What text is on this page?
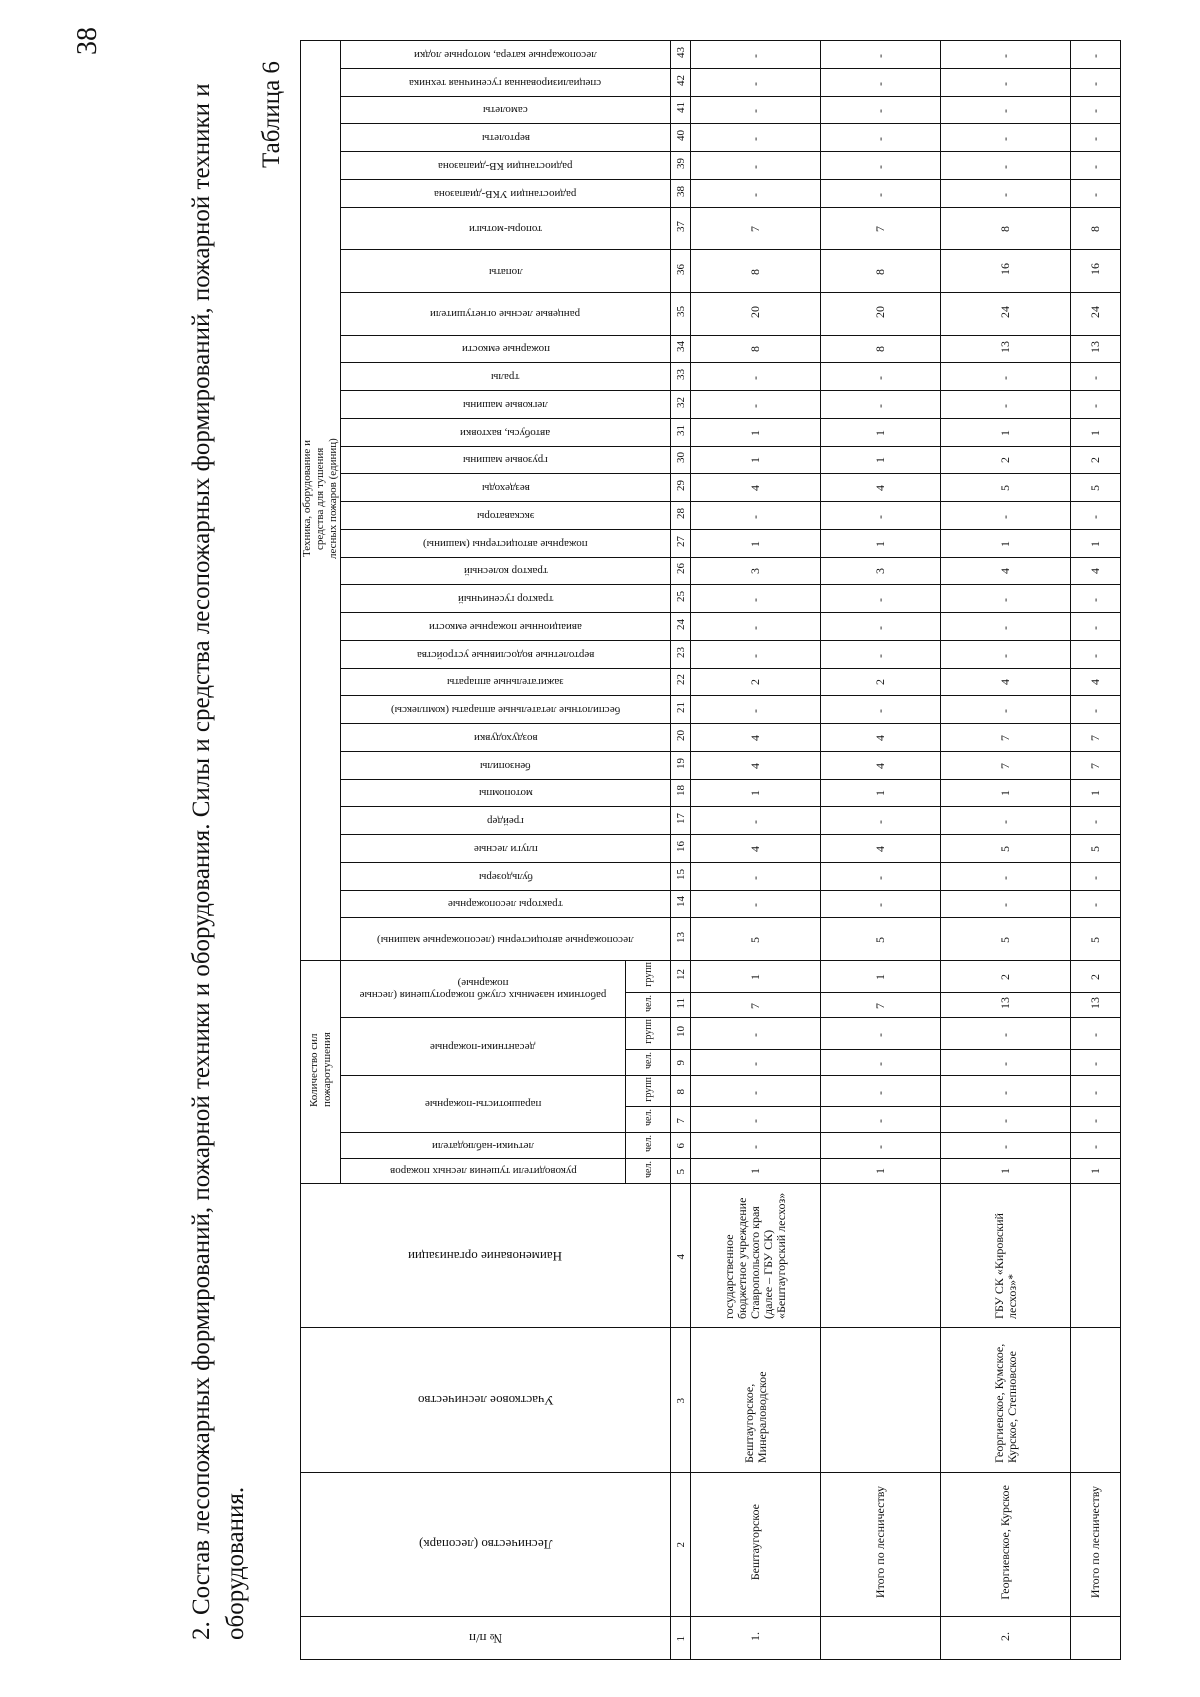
38
Техника, оборудование и средства для тушения лесных пожаров (единиц)	лесопожарные катера, моторные лодки		43	-	-	-	-
	специализированная гусеничная техника		42	-	-	-	-
	самолеты		41	-	-	-	-
	вертолеты		40	-	-	-	-
	радиостанции КВ-диапазона		39	-	-	-	-
	радиостанции УКВ-диапазона		38	-	-	-	-
	топоры-мотыги		37	7	7	8	8
	лопаты		36	8	8	16	16
	ранцевые лесные огнетушители		35	20	20	24	24
	пожарные емкости		34	8	8	13	13
	тралы		33	-	-	-	-
	легковые машины		32	-	-	-	-
	автобусы, вахтовки		31	1	1	1	1
	грузовые машины		30	1	1	2	2
	вездеходы		29	4	4	5	5
	экскаваторы		28	-	-	-	-
	пожарные автоцистерны (машины)		27	1	1	1	1
	трактор колесный		26	3	3	4	4
	трактор гусеничный		25	-	-	-	-
	авиационные пожарные емкости		24	-	-	-	-
	вертолетные водосливные устройства		23	-	-	-	-
	зажигательные аппараты		22	2	2	4	4
	беспилотные летательные аппараты (комплексы)		21	-	-	-	-
	воздуходувки		20	4	4	7	7
	бензопилы		19	4	4	7	7
	мотопомпы		18	1	1	1	1
	грейдер		17	-	-	-	-
	плуги лесные		16	4	4	5	5
	бульдозеры		15	-	-	-	-
	тракторы лесопожарные		14	-	-	-	-
	лесопожарные автоцистерны (лесопожарные машины)		13	5	5	5	5
Количество сил пожаротушения	работники наземных служб пожаротушения (лесные пожарные)	групп	12	1	1	2	2
		чел.	11	7	7	13	13
	десантники-пожарные	групп	10	-	-	-	-
		чел.	9	-	-	-	-
	парашютисты-пожарные	групп	8	-	-	-	-
		чел.	7	-	-	-	-
	летчики-наблюдатели	чел.	6	-	-	-	-
	руководители тушения лесных пожаров	чел.	5	1	1	1	1
Наименование организации			4	государственное бюджетное учреждение Ставропольского края (далее – ГБУ СК) «Бештаугорский лесхоз»		ГБУ СК «Кировский лесхоз»*	
Участковое лесничество			3	Бештаугорское, Минераловодское		Георгиевское, Кумское, Курское, Степновское	
Лесничество (лесопарк)			2	Бештаугорское	Итого по лесничеству	Георгиевское, Курское	Итого по лесничеству
№ п/п			1	1.		2.	
2. Состав лесопожарных формирований, пожарной техники и оборудования. Силы и средства лесопожарных формирований, пожарной техники и оборудования.
Таблица 6
